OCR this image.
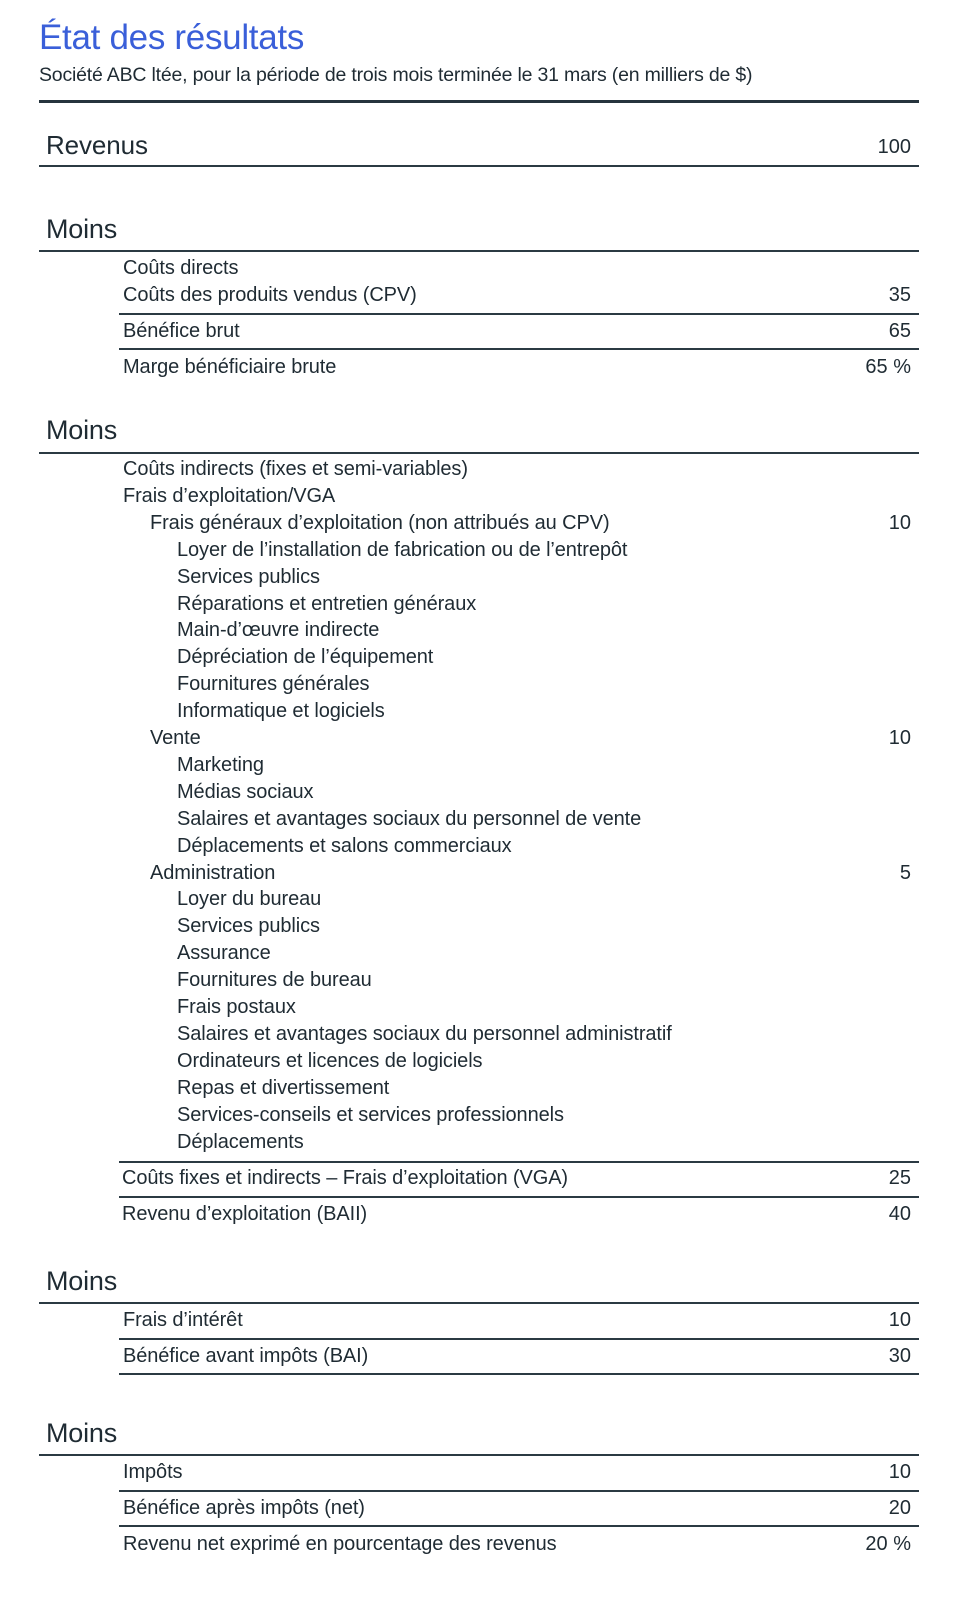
État des résultats
Société ABC ltée, pour la période de trois mois terminée le 31 mars (en milliers de $)
Revenus	100
Moins
Coûts directs
Coûts des produits vendus (CPV)	35
Bénéfice brut	65
Marge bénéficiaire brute	65 %
Moins
Coûts indirects (fixes et semi-variables)
Frais d’exploitation/VGA
Frais généraux d’exploitation (non attribués au CPV)	10
Loyer de l’installation de fabrication ou de l’entrepôt
Services publics
Réparations et entretien généraux
Main-d’œuvre indirecte
Dépréciation de l’équipement
Fournitures générales
Informatique et logiciels
Vente	10
Marketing
Médias sociaux
Salaires et avantages sociaux du personnel de vente
Déplacements et salons commerciaux
Administration	5
Loyer du bureau
Services publics
Assurance
Fournitures de bureau
Frais postaux
Salaires et avantages sociaux du personnel administratif
Ordinateurs et licences de logiciels
Repas et divertissement
Services-conseils et services professionnels
Déplacements
Coûts fixes et indirects – Frais d’exploitation (VGA)	25
Revenu d’exploitation (BAII)	40
Moins
Frais d’intérêt	10
Bénéfice avant impôts (BAI)	30
Moins
Impôts	10
Bénéfice après impôts (net)	20
Revenu net exprimé en pourcentage des revenus	20 %
